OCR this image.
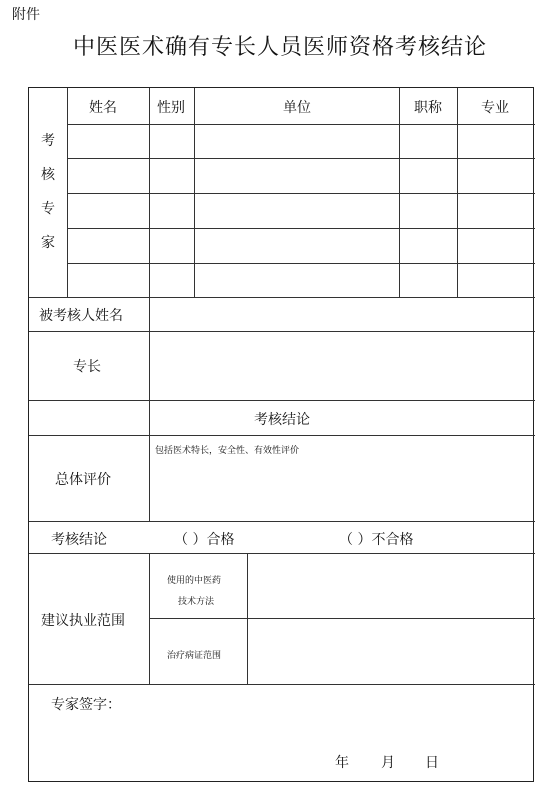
附件
中医医术确有专长人员医师资格考核结论
考
核
专
家
姓名	性别	单位	职称	专业
被考核人姓名
专长
考核结论
总体评价
包括医术特长，安全性、有效性评价
考核结论	（ ）合格	（ ）不合格
建议执业范围
使用的中医药
技术方法
治疗病证范围
专家签字：
年 月 日
